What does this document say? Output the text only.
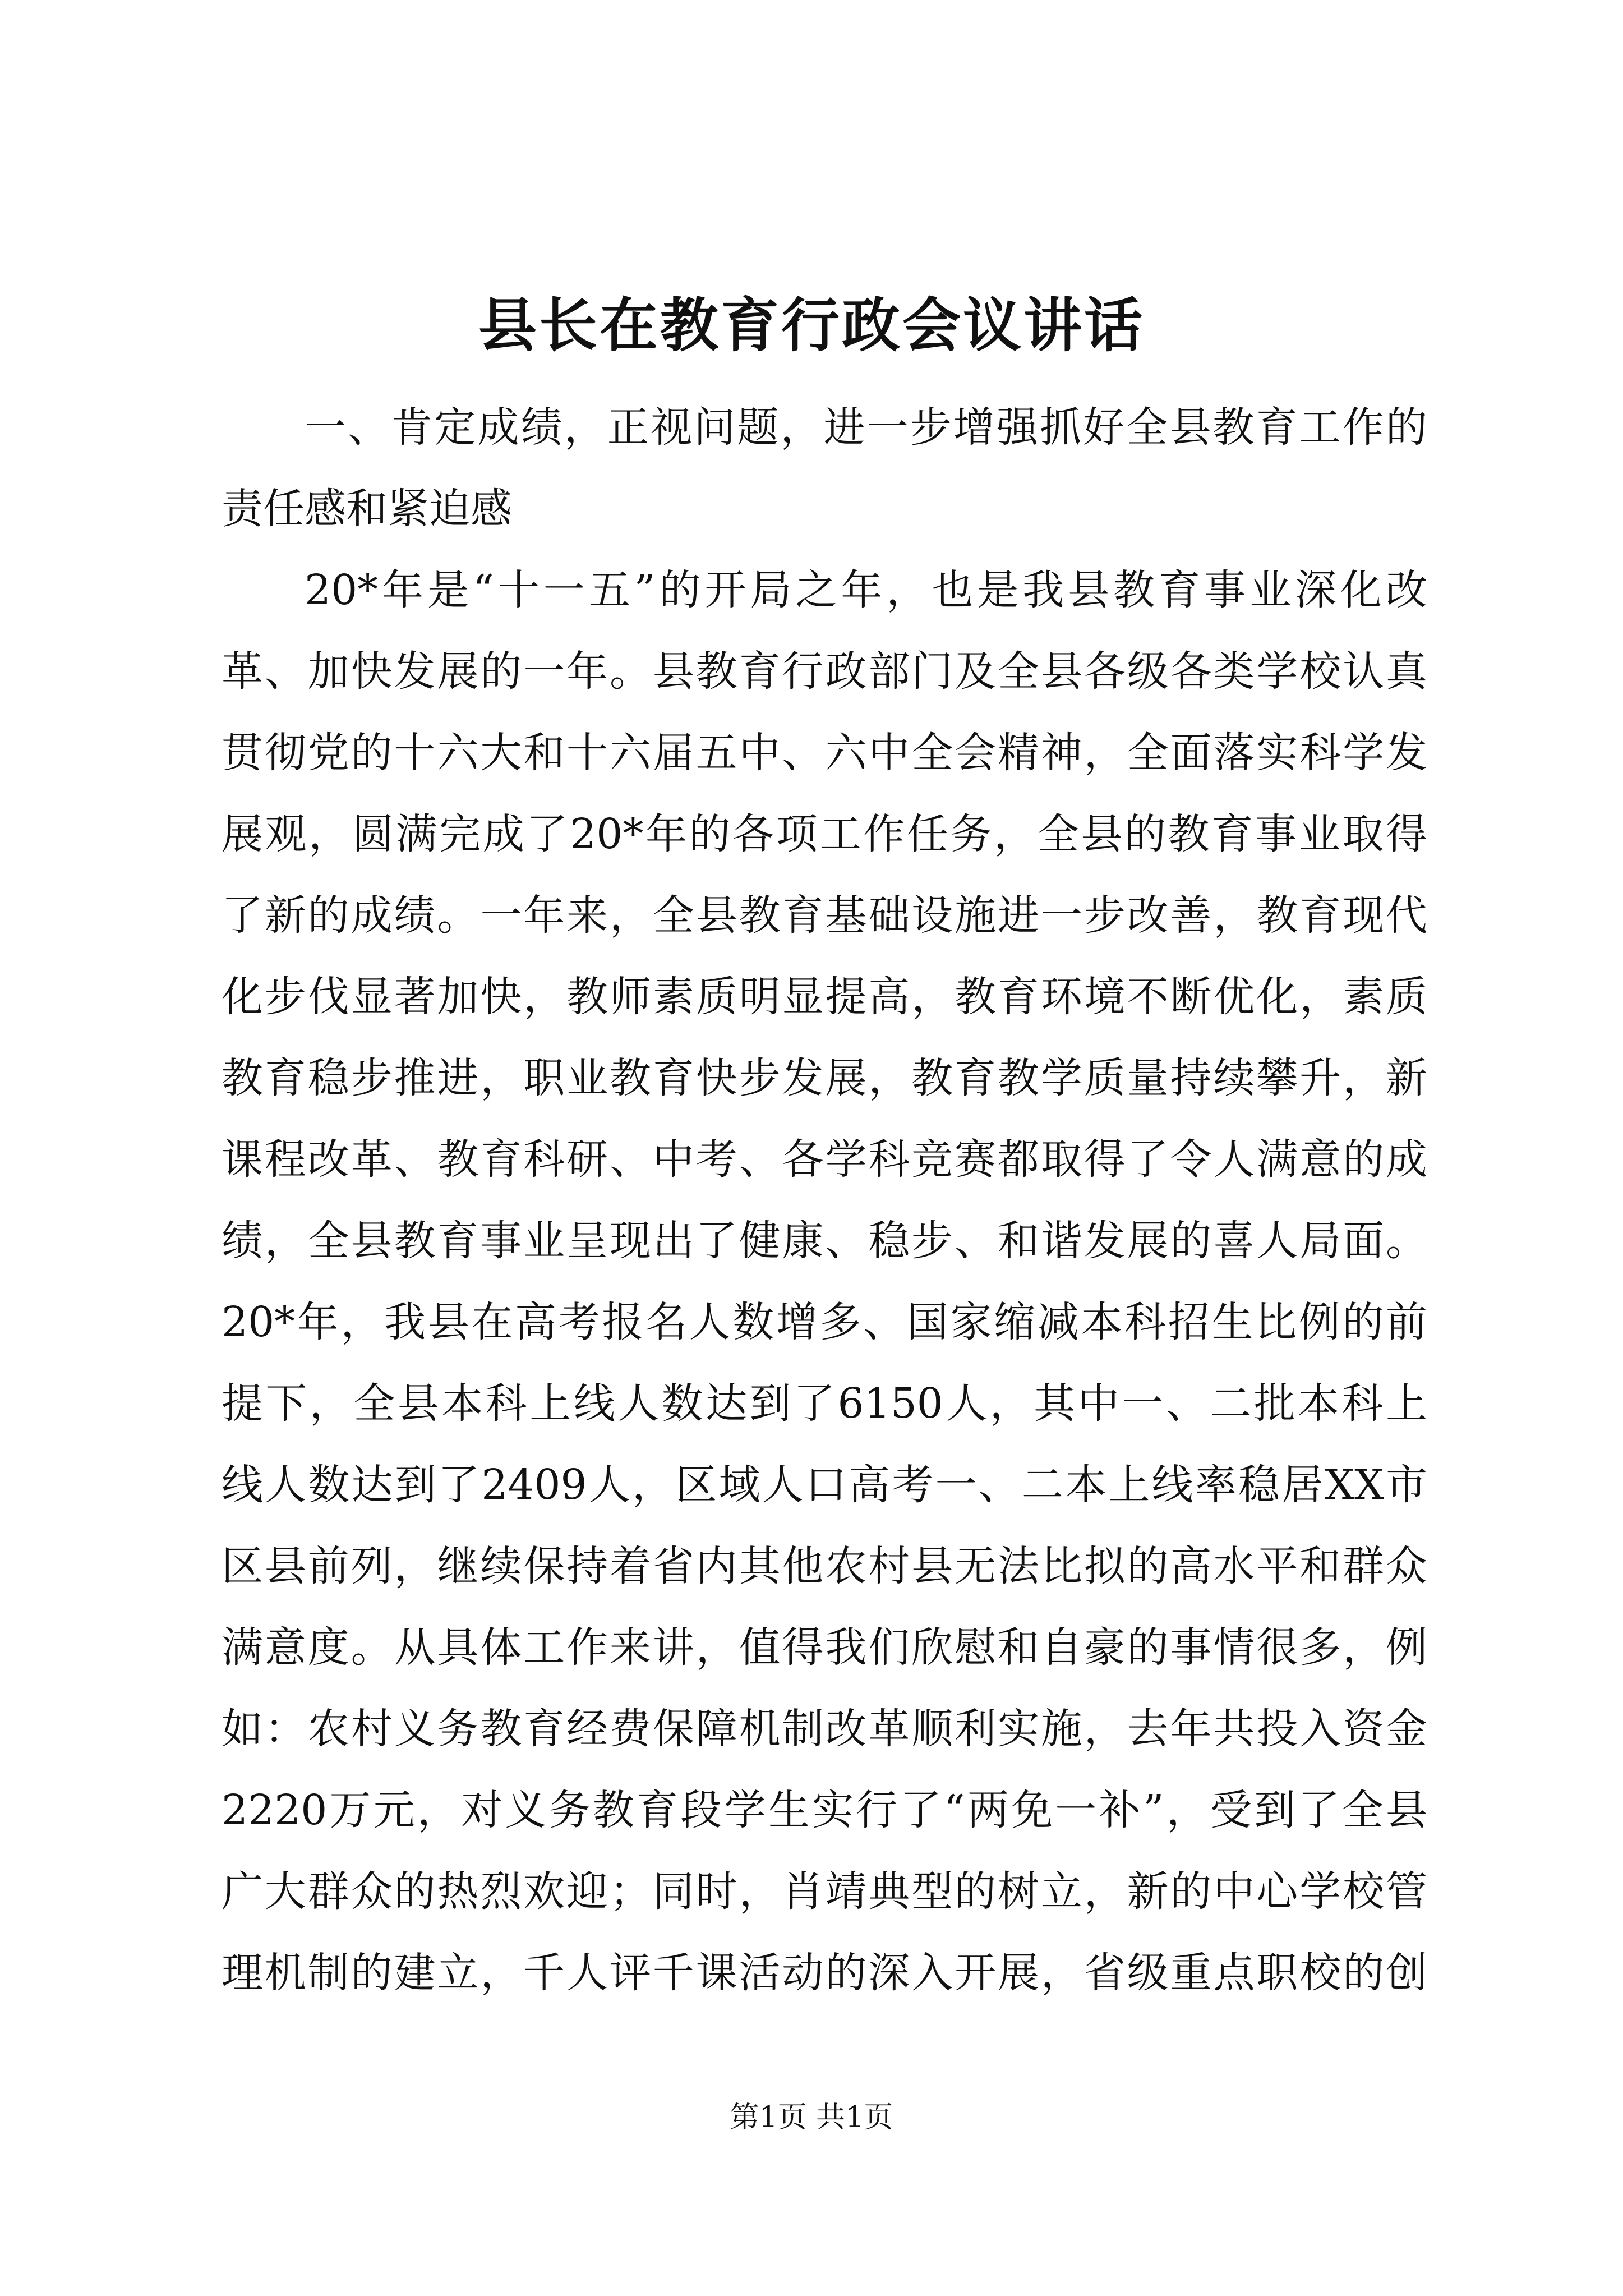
县长在教育行政会议讲话
一、肯定成绩，正视问题，进一步增强抓好全县教育工作的
责任感和紧迫感
20*年是“十一五”的开局之年，也是我县教育事业深化改
革、加快发展的一年。县教育行政部门及全县各级各类学校认真
贯彻党的十六大和十六届五中、六中全会精神，全面落实科学发
展观，圆满完成了20*年的各项工作任务，全县的教育事业取得
了新的成绩。一年来，全县教育基础设施进一步改善，教育现代
化步伐显著加快，教师素质明显提高，教育环境不断优化，素质
教育稳步推进，职业教育快步发展，教育教学质量持续攀升，新
课程改革、教育科研、中考、各学科竞赛都取得了令人满意的成
绩，全县教育事业呈现出了健康、稳步、和谐发展的喜人局面。
20*年，我县在高考报名人数增多、国家缩减本科招生比例的前
提下，全县本科上线人数达到了6150人，其中一、二批本科上
线人数达到了2409人，区域人口高考一、二本上线率稳居XX市
区县前列，继续保持着省内其他农村县无法比拟的高水平和群众
满意度。从具体工作来讲，值得我们欣慰和自豪的事情很多，例
如：农村义务教育经费保障机制改革顺利实施，去年共投入资金
2220万元，对义务教育段学生实行了“两免一补”，受到了全县
广大群众的热烈欢迎；同时，肖靖典型的树立，新的中心学校管
理机制的建立，千人评千课活动的深入开展，省级重点职校的创
第1页 共1页
